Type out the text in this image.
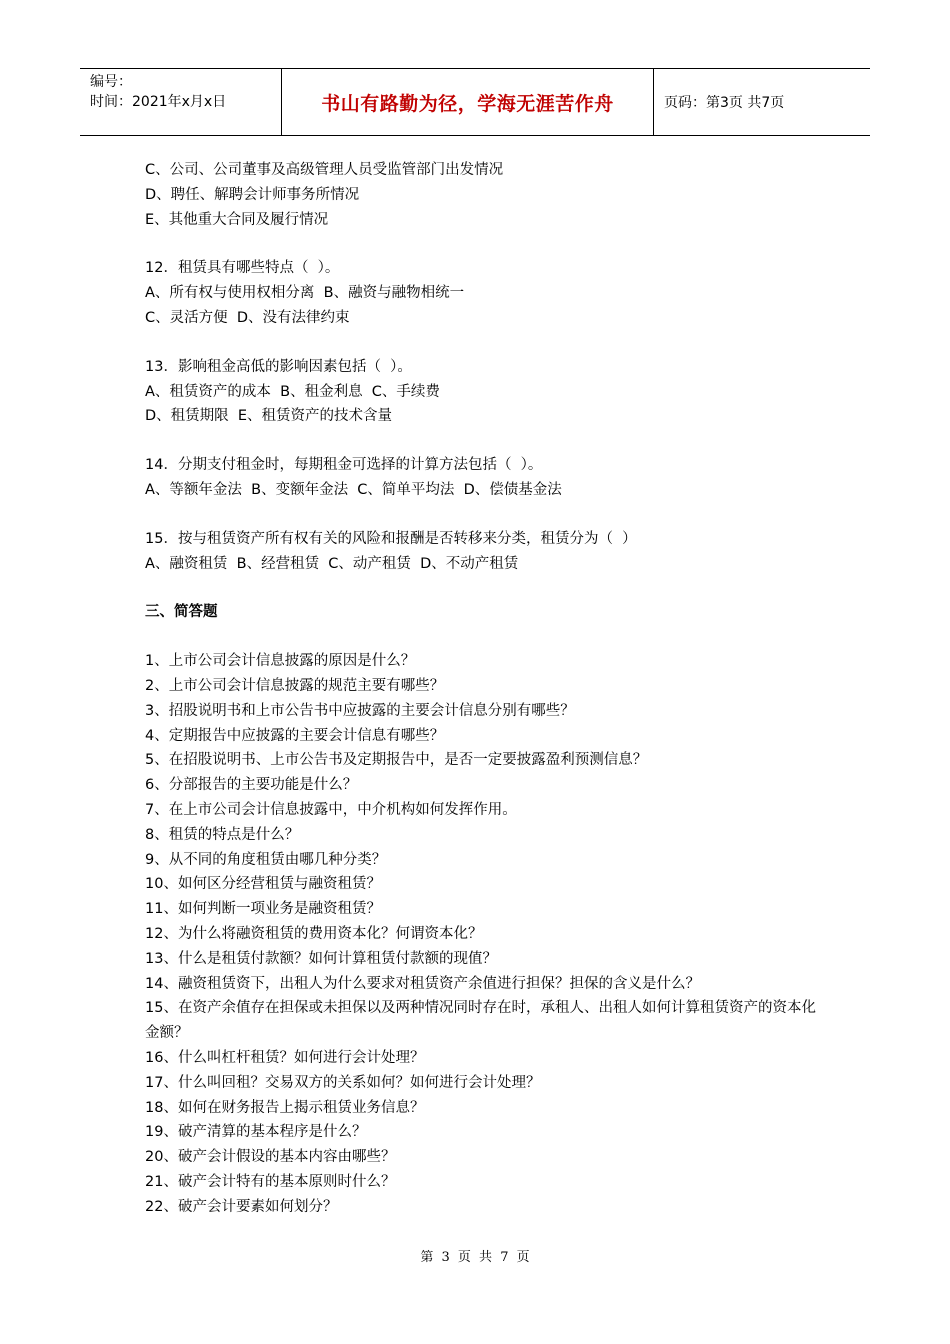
编号：
时间：2021年x月x日	书山有路勤为径，学海无涯苦作舟	页码：第3页 共7页
C、公司、公司董事及高级管理人员受监管部门出发情况
D、聘任、解聘会计师事务所情况
E、其他重大合同及履行情况
12．租赁具有哪些特点（  ）。
A、所有权与使用权相分离  B、融资与融物相统一
C、灵活方便  D、没有法律约束
13．影响租金高低的影响因素包括（  ）。
A、租赁资产的成本  B、租金利息  C、手续费
D、租赁期限  E、租赁资产的技术含量
14．分期支付租金时，每期租金可选择的计算方法包括（  ）。
A、等额年金法  B、变额年金法  C、简单平均法  D、偿债基金法
15．按与租赁资产所有权有关的风险和报酬是否转移来分类，租赁分为（  ）
A、融资租赁  B、经营租赁  C、动产租赁  D、不动产租赁
三、简答题
1、上市公司会计信息披露的原因是什么？
2、上市公司会计信息披露的规范主要有哪些？
3、招股说明书和上市公告书中应披露的主要会计信息分别有哪些？
4、定期报告中应披露的主要会计信息有哪些？
5、在招股说明书、上市公告书及定期报告中，是否一定要披露盈利预测信息？
6、分部报告的主要功能是什么？
7、在上市公司会计信息披露中，中介机构如何发挥作用。
8、租赁的特点是什么？
9、从不同的角度租赁由哪几种分类？
10、如何区分经营租赁与融资租赁？
11、如何判断一项业务是融资租赁？
12、为什么将融资租赁的费用资本化？何谓资本化？
13、什么是租赁付款额？如何计算租赁付款额的现值？
14、融资租赁资下，出租人为什么要求对租赁资产余值进行担保？担保的含义是什么？
15、在资产余值存在担保或未担保以及两种情况同时存在时，承租人、出租人如何计算租赁资产的资本化金额？
16、什么叫杠杆租赁？如何进行会计处理？
17、什么叫回租？交易双方的关系如何？如何进行会计处理？
18、如何在财务报告上揭示租赁业务信息？
19、破产清算的基本程序是什么？
20、破产会计假设的基本内容由哪些？
21、破产会计特有的基本原则时什么？
22、破产会计要素如何划分？
第 3 页 共 7 页
